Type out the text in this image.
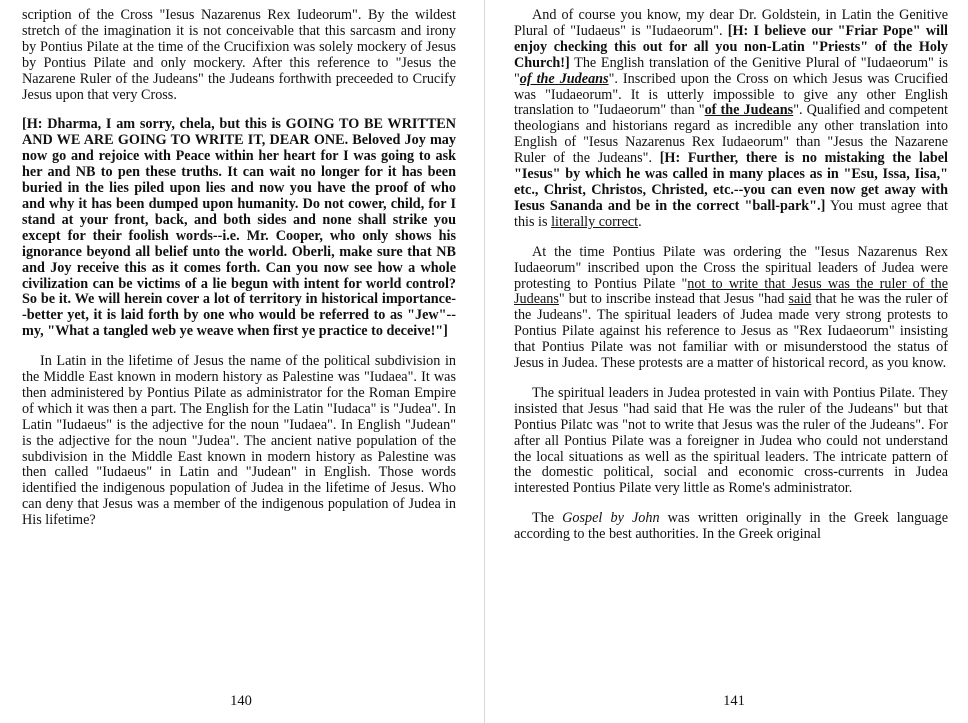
scription of the Cross "Iesus Nazarenus Rex Iudeorum". By the wildest stretch of the imagination it is not conceivable that this sarcasm and irony by Pontius Pilate at the time of the Crucifixion was solely mockery of Jesus by Pontius Pilate and only mockery. After this reference to "Jesus the Nazarene Ruler of the Judeans" the Judeans forthwith preceeded to Crucify Jesus upon that very Cross.

[H: Dharma, I am sorry, chela, but this is GOING TO BE WRITTEN AND WE ARE GOING TO WRITE IT, DEAR ONE. Beloved Joy may now go and rejoice with Peace within her heart for I was going to ask her and NB to pen these truths. It can wait no longer for it has been buried in the lies piled upon lies and now you have the proof of who and why it has been dumped upon humanity. Do not cower, child, for I stand at your front, back, and both sides and none shall strike you except for their foolish words--i.e. Mr. Cooper, who only shows his ignorance beyond all belief unto the world. Oberli, make sure that NB and Joy receive this as it comes forth. Can you now see how a whole civilization can be victims of a lie begun with intent for world control? So be it. We will herein cover a lot of territory in historical importance--better yet, it is laid forth by one who would be referred to as "Jew"--my, "What a tangled web ye weave when first ye practice to deceive!"]

In Latin in the lifetime of Jesus the name of the political subdivision in the Middle East known in modern history as Palestine was "Iudaea". It was then administered by Pontius Pilate as administrator for the Roman Empire of which it was then a part. The English for the Latin "Iudaca" is "Judea". In Latin "Iudaeus" is the adjective for the noun "Iudaea". In English "Judean" is the adjective for the noun "Judea". The ancient native population of the subdivision in the Middle East known in modern history as Palestine was then called "Iudaeus" in Latin and "Judean" in English. Those words identified the indigenous population of Judea in the lifetime of Jesus. Who can deny that Jesus was a member of the indigenous population of Judea in His lifetime?

And of course you know, my dear Dr. Goldstein, in Latin the Genitive Plural of "Iudaeus" is "Iudaeorum". [H: I believe our "Friar Pope" will enjoy checking this out for all you non-Latin "Priests" of the Holy Church!] The English translation of the Genitive Plural of "Iudaeorum" is "of the Judeans". Inscribed upon the Cross on which Jesus was Crucified was "Iudaeorum". It is utterly impossible to give any other English translation to "Iudaeorum" than "of the Judeans". Qualified and competent theologians and historians regard as incredible any other translation into English of "Iesus Nazarenus Rex Iudaeorum" than "Jesus the Nazarene Ruler of the Judeans". [H: Further, there is no mistaking the label "Iesus" by which he was called in many places as in "Esu, Issa, Iisa," etc., Christ, Christos, Christed, etc.--you can even now get away with Iesus Sananda and be in the correct "ball-park".] You must agree that this is literally correct.

At the time Pontius Pilate was ordering the "Iesus Nazarenus Rex Iudaeorum" inscribed upon the Cross the spiritual leaders of Judea were protesting to Pontius Pilate "not to write that Jesus was the ruler of the Judeans" but to inscribe instead that Jesus "had said that he was the ruler of the Judeans". The spiritual leaders of Judea made very strong protests to Pontius Pilate against his reference to Jesus as "Rex Iudaeorum" insisting that Pontius Pilate was not familiar with or misunderstood the status of Jesus in Judea. These protests are a matter of historical record, as you know.

The spiritual leaders in Judea protested in vain with Pontius Pilate. They insisted that Jesus "had said that He was the ruler of the Judeans" but that Pontius Pilatc was "not to write that Jesus was the ruler of the Judeans". For after all Pontius Pilate was a foreigner in Judea who could not understand the local situations as well as the spiritual leaders. The intricate pattern of the domestic political, social and economic cross-currents in Judea interested Pontius Pilate very little as Rome's administrator.

The Gospel by John was written originally in the Greek language according to the best authorities. In the Greek original

140	141
